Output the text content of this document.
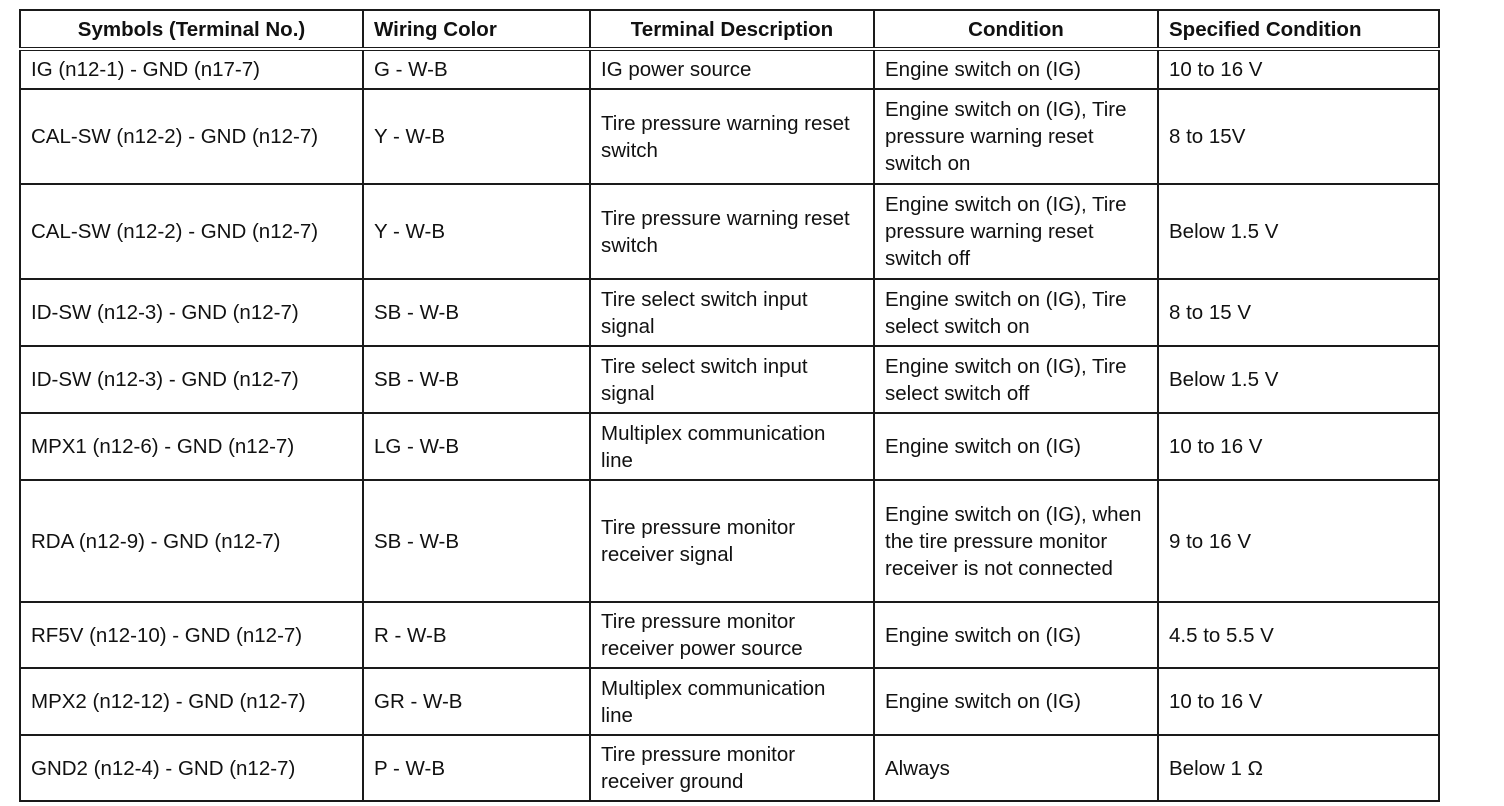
Symbols (Terminal No.)	Wiring Color	Terminal Description	Condition	Specified Condition
IG (n12-1) - GND (n17-7)	G - W-B	IG power source	Engine switch on (IG)	10 to 16 V
CAL-SW (n12-2) - GND (n12-7)	Y - W-B	Tire pressure warning reset switch	Engine switch on (IG), Tire pressure warning reset switch on	8 to 15V
CAL-SW (n12-2) - GND (n12-7)	Y - W-B	Tire pressure warning reset switch	Engine switch on (IG), Tire pressure warning reset switch off	Below 1.5 V
ID-SW (n12-3) - GND (n12-7)	SB - W-B	Tire select switch input signal	Engine switch on (IG), Tire select switch on	8 to 15 V
ID-SW (n12-3) - GND (n12-7)	SB - W-B	Tire select switch input signal	Engine switch on (IG), Tire select switch off	Below 1.5 V
MPX1 (n12-6) - GND (n12-7)	LG - W-B	Multiplex communication line	Engine switch on (IG)	10 to 16 V
RDA (n12-9) - GND (n12-7)	SB - W-B	Tire pressure monitor receiver signal	Engine switch on (IG), when the tire pressure monitor receiver is not connected	9 to 16 V
RF5V (n12-10) - GND (n12-7)	R - W-B	Tire pressure monitor receiver power source	Engine switch on (IG)	4.5 to 5.5 V
MPX2 (n12-12) - GND (n12-7)	GR - W-B	Multiplex communication line	Engine switch on (IG)	10 to 16 V
GND2 (n12-4) - GND (n12-7)	P - W-B	Tire pressure monitor receiver ground	Always	Below 1 Ω
